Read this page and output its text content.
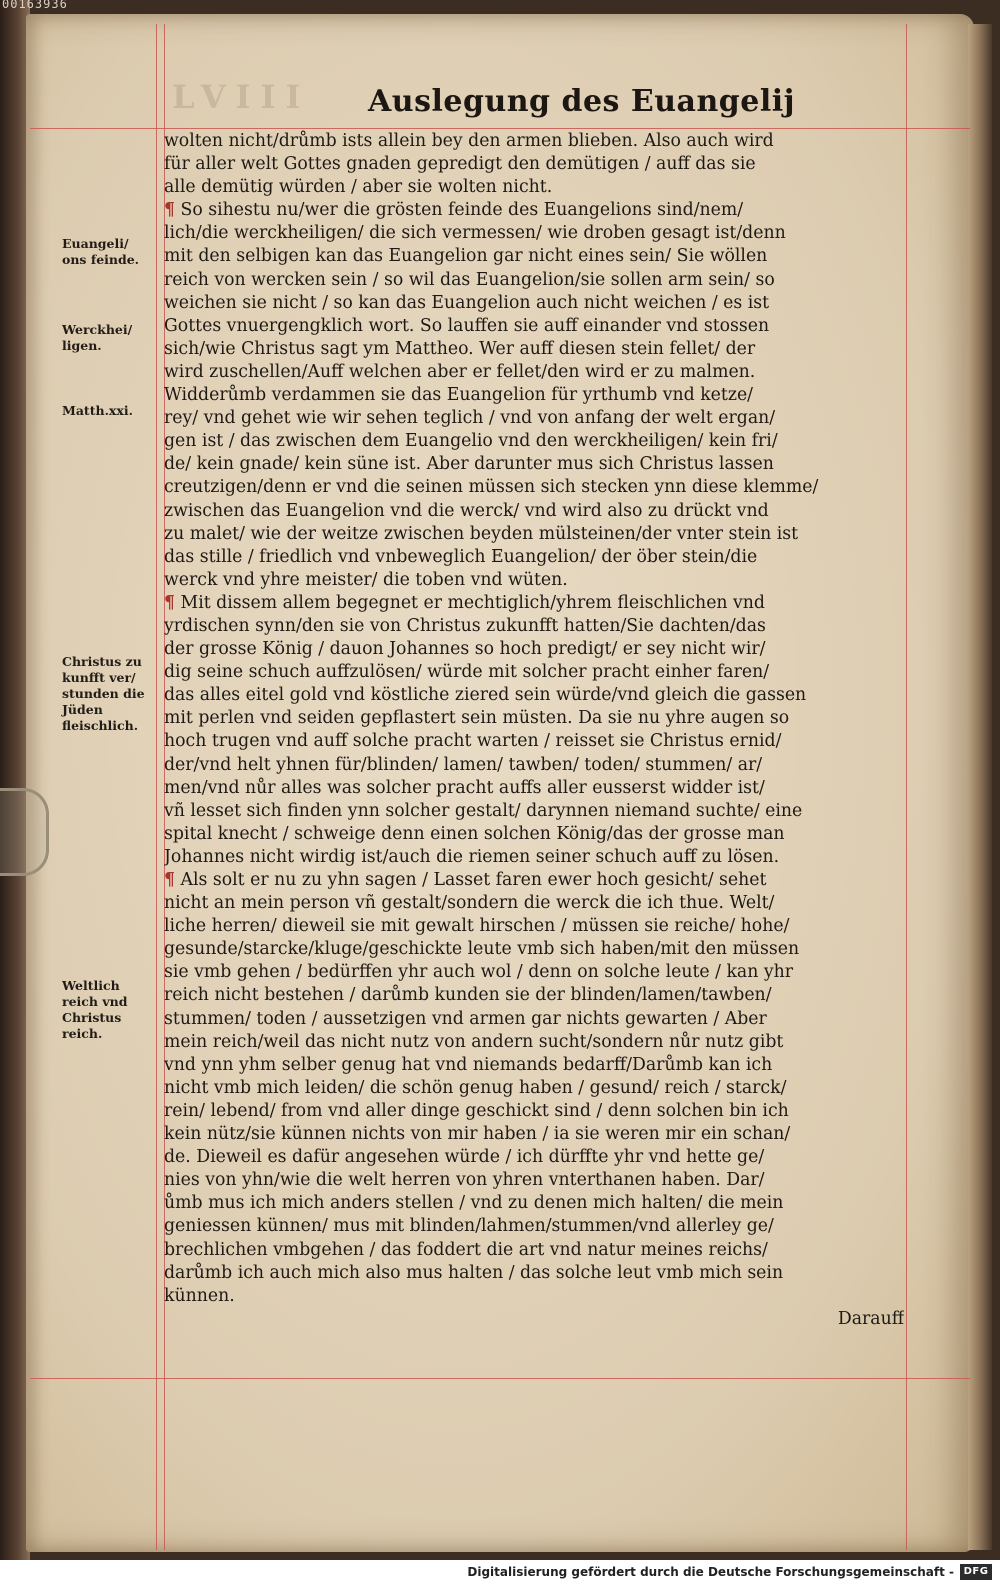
00163936
LVIII Auslegung des Euangelij
Euangeli/
ons feinde.
Werckhei/
ligen.
Matth.xxi.
Christus zu
kunfft ver/
stunden die
Jüden
fleischlich.
Weltlich
reich vnd
Christus
reich.
wolten nicht/drůmb ists allein bey den armen blieben. Also auch wird
für aller welt Gottes gnaden gepredigt den demütigen / auff das sie
alle demütig würden / aber sie wolten nicht.
¶ So sihestu nu/wer die grösten feinde des Euangelions sind/nem/
lich/die werckheiligen/ die sich vermessen/ wie droben gesagt ist/denn
mit den selbigen kan das Euangelion gar nicht eines sein/ Sie wöllen
reich von wercken sein / so wil das Euangelion/sie sollen arm sein/ so
weichen sie nicht / so kan das Euangelion auch nicht weichen / es ist
Gottes vnuergengklich wort. So lauffen sie auff einander vnd stossen
sich/wie Christus sagt ym Mattheo. Wer auff diesen stein fellet/ der
wird zuschellen/Auff welchen aber er fellet/den wird er zu malmen.
Widderůmb verdammen sie das Euangelion für yrthumb vnd ketze/
rey/ vnd gehet wie wir sehen teglich / vnd von anfang der welt ergan/
gen ist / das zwischen dem Euangelio vnd den werckheiligen/ kein fri/
de/ kein gnade/ kein süne ist. Aber darunter mus sich Christus lassen
creutzigen/denn er vnd die seinen müssen sich stecken ynn diese klemme/
zwischen das Euangelion vnd die werck/ vnd wird also zu drückt vnd
zu malet/ wie der weitze zwischen beyden mülsteinen/der vnter stein ist
das stille / friedlich vnd vnbeweglich Euangelion/ der öber stein/die
werck vnd yhre meister/ die toben vnd wüten.
¶ Mit dissem allem begegnet er mechtiglich/yhrem fleischlichen vnd
yrdischen synn/den sie von Christus zukunfft hatten/Sie dachten/das
der grosse König / dauon Johannes so hoch predigt/ er sey nicht wir/
dig seine schuch auffzulösen/ würde mit solcher pracht einher faren/
das alles eitel gold vnd köstliche ziered sein würde/vnd gleich die gassen
mit perlen vnd seiden gepflastert sein müsten. Da sie nu yhre augen so
hoch trugen vnd auff solche pracht warten / reisset sie Christus ernid/
der/vnd helt yhnen für/blinden/ lamen/ tawben/ toden/ stummen/ ar/
men/vnd nůr alles was solcher pracht auffs aller eusserst widder ist/
vñ lesset sich finden ynn solcher gestalt/ darynnen niemand suchte/ eine
spital knecht / schweige denn einen solchen König/das der grosse man
Johannes nicht wirdig ist/auch die riemen seiner schuch auff zu lösen.
¶ Als solt er nu zu yhn sagen / Lasset faren ewer hoch gesicht/ sehet
nicht an mein person vñ gestalt/sondern die werck die ich thue. Welt/
liche herren/ dieweil sie mit gewalt hirschen / müssen sie reiche/ hohe/
gesunde/starcke/kluge/geschickte leute vmb sich haben/mit den müssen
sie vmb gehen / bedürffen yhr auch wol / denn on solche leute / kan yhr
reich nicht bestehen / darůmb kunden sie der blinden/lamen/tawben/
stummen/ toden / aussetzigen vnd armen gar nichts gewarten / Aber
mein reich/weil das nicht nutz von andern sucht/sondern nůr nutz gibt
vnd ynn yhm selber genug hat vnd niemands bedarff/Darůmb kan ich
nicht vmb mich leiden/ die schön genug haben / gesund/ reich / starck/
rein/ lebend/ from vnd aller dinge geschickt sind / denn solchen bin ich
kein nütz/sie künnen nichts von mir haben / ia sie weren mir ein schan/
de. Dieweil es dafür angesehen würde / ich dürffte yhr vnd hette ge/
nies von yhn/wie die welt herren von yhren vnterthanen haben. Dar/
ůmb mus ich mich anders stellen / vnd zu denen mich halten/ die mein
geniessen künnen/ mus mit blinden/lahmen/stummen/vnd allerley ge/
brechlichen vmbgehen / das foddert die art vnd natur meines reichs/
darůmb ich auch mich also mus halten / das solche leut vmb mich sein
künnen.
Darauff
Digitalisierung gefördert durch die Deutsche Forschungsgemeinschaft - DFG
